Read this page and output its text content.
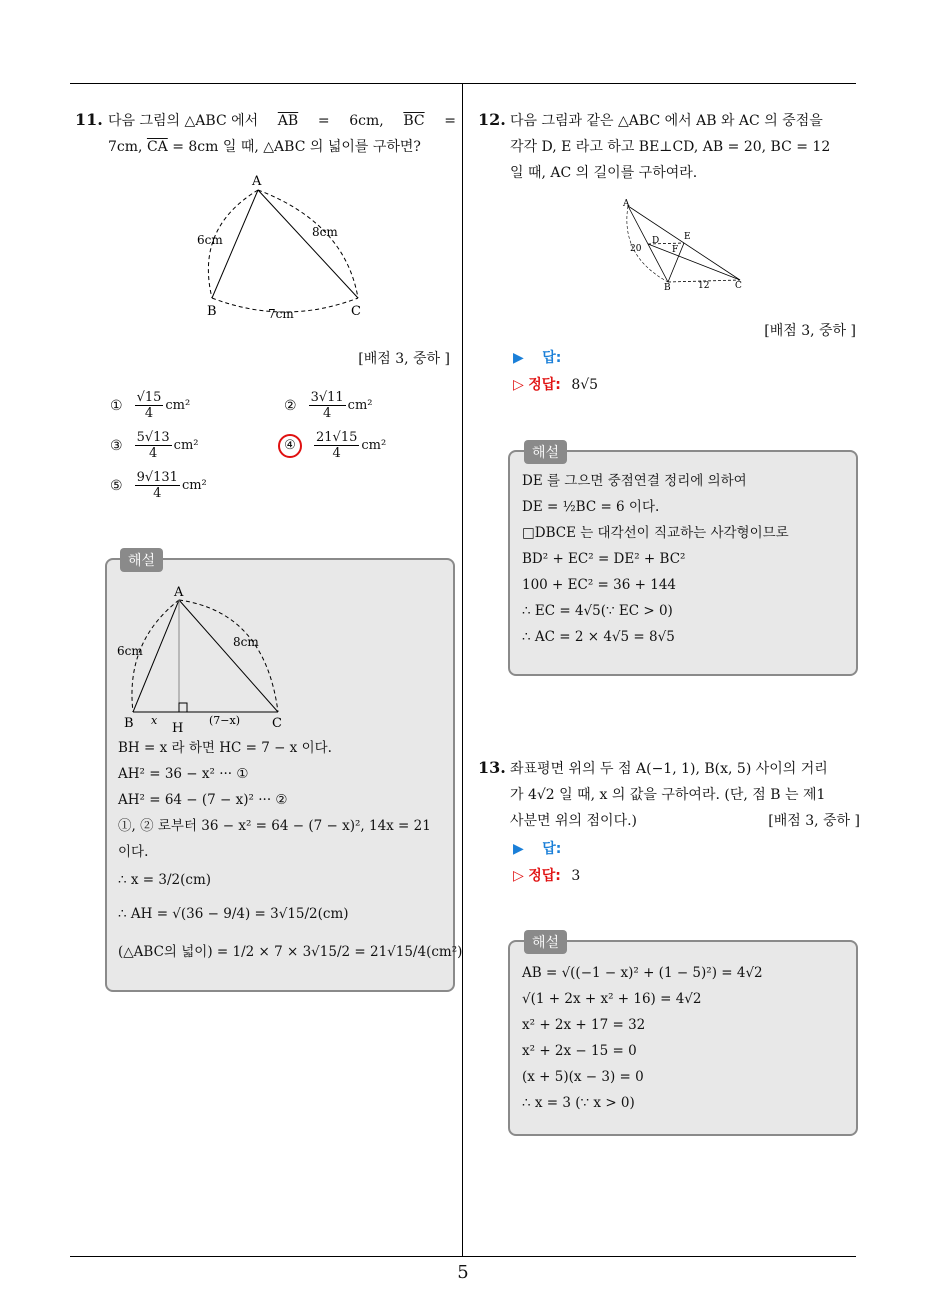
5
11. 다음 그림의 △ABC 에서 $\overline{AB} = 6cm$, $\overline{BC}$ =
7cm, $\overline{CA} = 8cm$ 일 때, △ABC 의 넓이를 구하면?
A
B	C
6cm
8cm
7cm
[배점 3, 중하 ]
① $\frac{√15}{4} cm^2$	② $\frac{3√11}{4} cm^2$
③ $\frac{5√13}{4} cm^2$	④	$\frac{21√15}{4} cm^2$
⑤ $\frac{9√131}{4} cm^2$
해설
A
B	C
H
6cm
8cm
x	(7−x)
BH = x 라 하면 HC = 7 − x 이다.
AH² = 36 − x² ··· ①
AH² = 64 − (7 − x)² ··· ②
①, ② 로부터 36 − x² = 64 − (7 − x)², 14x = 21
이다.
∴ x = 3/2(cm)
∴ AH = √(36 − 9/4) = 3√15/2(cm)
(△ABC의 넓이) = 1/2 × 7 × 3√15/2 = 21√15/4(cm²)
12. 다음 그림과 같은 △ABC 에서 AB 와 AC 의 중점을
각각 D, E 라고 하고 BE⊥CD, AB = 20, BC = 12
일 때, AC 의 길이를 구하여라.
A
D	E
F
20
B	12	C
[배점 3, 중하 ]
▶ 답:
▷ 정답: 8√5
해설
DE 를 그으면 중점연결 정리에 의하여
DE = ½BC = 6 이다.
□DBCE 는 대각선이 직교하는 사각형이므로
BD² + EC² = DE² + BC²
100 + EC² = 36 + 144
∴ EC = 4√5(∵ EC > 0)
∴ AC = 2 × 4√5 = 8√5
13. 좌표평면 위의 두 점 A(−1, 1), B(x, 5) 사이의 거리
가 4√2 일 때, x 의 값을 구하여라. (단, 점 B 는 제1
사분면 위의 점이다.)	[배점 3, 중하 ]
▶ 답:
▷ 정답: 3
해설
AB = √((−1 − x)² + (1 − 5)²) = 4√2
√(1 + 2x + x² + 16) = 4√2
x² + 2x + 17 = 32
x² + 2x − 15 = 0
(x + 5)(x − 3) = 0
∴ x = 3 (∵ x > 0)
